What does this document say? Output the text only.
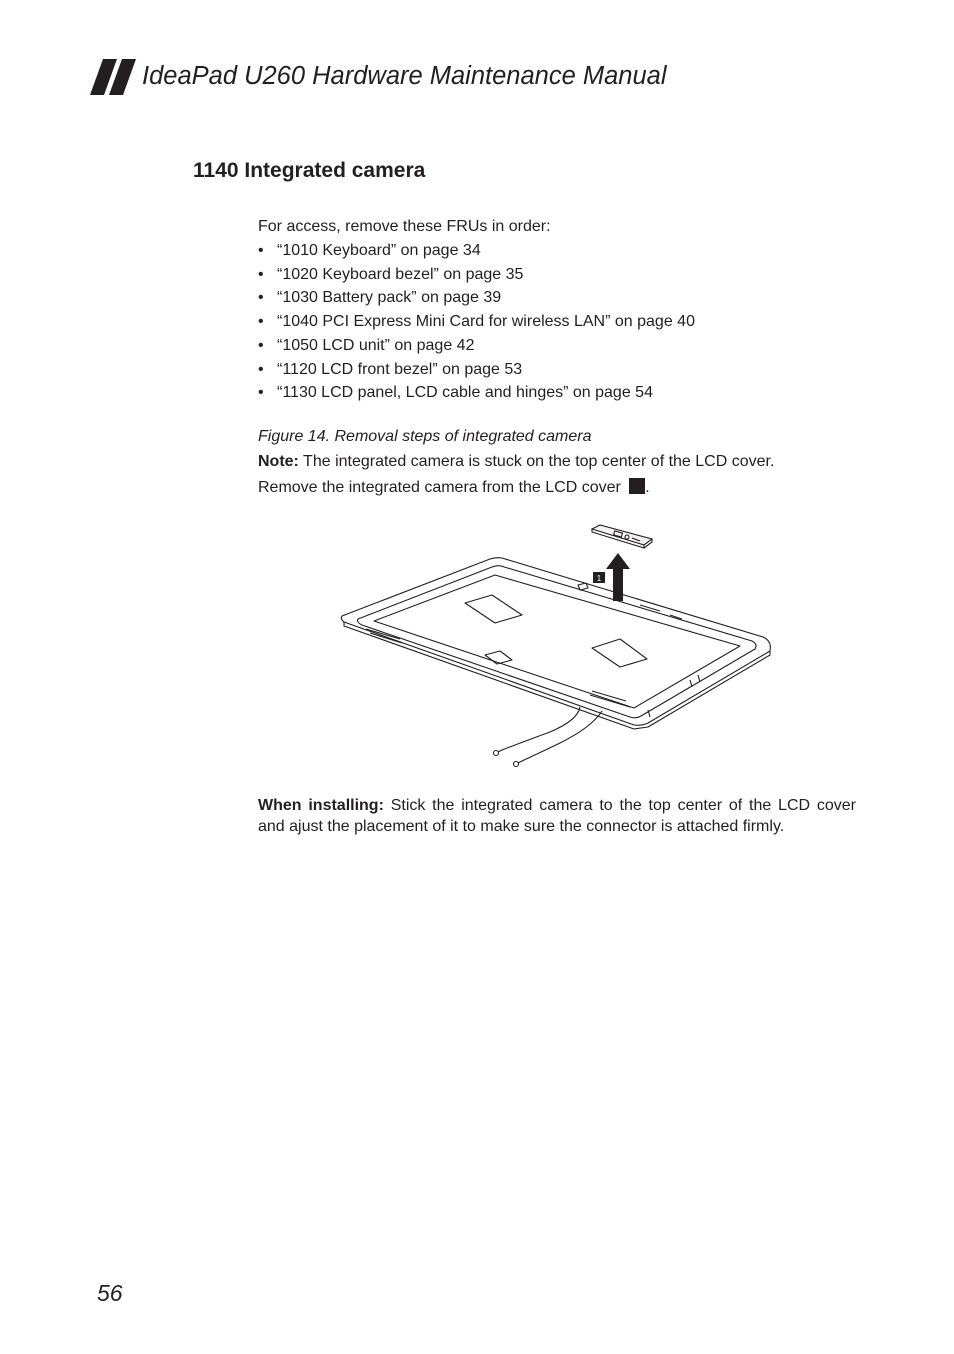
IdeaPad U260 Hardware Maintenance Manual
1140 Integrated camera
For access, remove these FRUs in order:
• “1010 Keyboard” on page 34
• “1020 Keyboard bezel” on page 35
• “1030 Battery pack” on page 39
• “1040 PCI Express Mini Card for wireless LAN” on page 40
• “1050 LCD unit” on page 42
• “1120 LCD front bezel” on page 53
• “1130 LCD panel, LCD cable and hinges” on page 54
Figure 14. Removal steps of integrated camera
Note: The integrated camera is stuck on the top center of the LCD cover.
Remove the integrated camera from the LCD cover .
1
When installing: Stick the integrated camera to the top center of the LCD cover and ajust the placement of it to make sure the connector is attached firmly.
56
